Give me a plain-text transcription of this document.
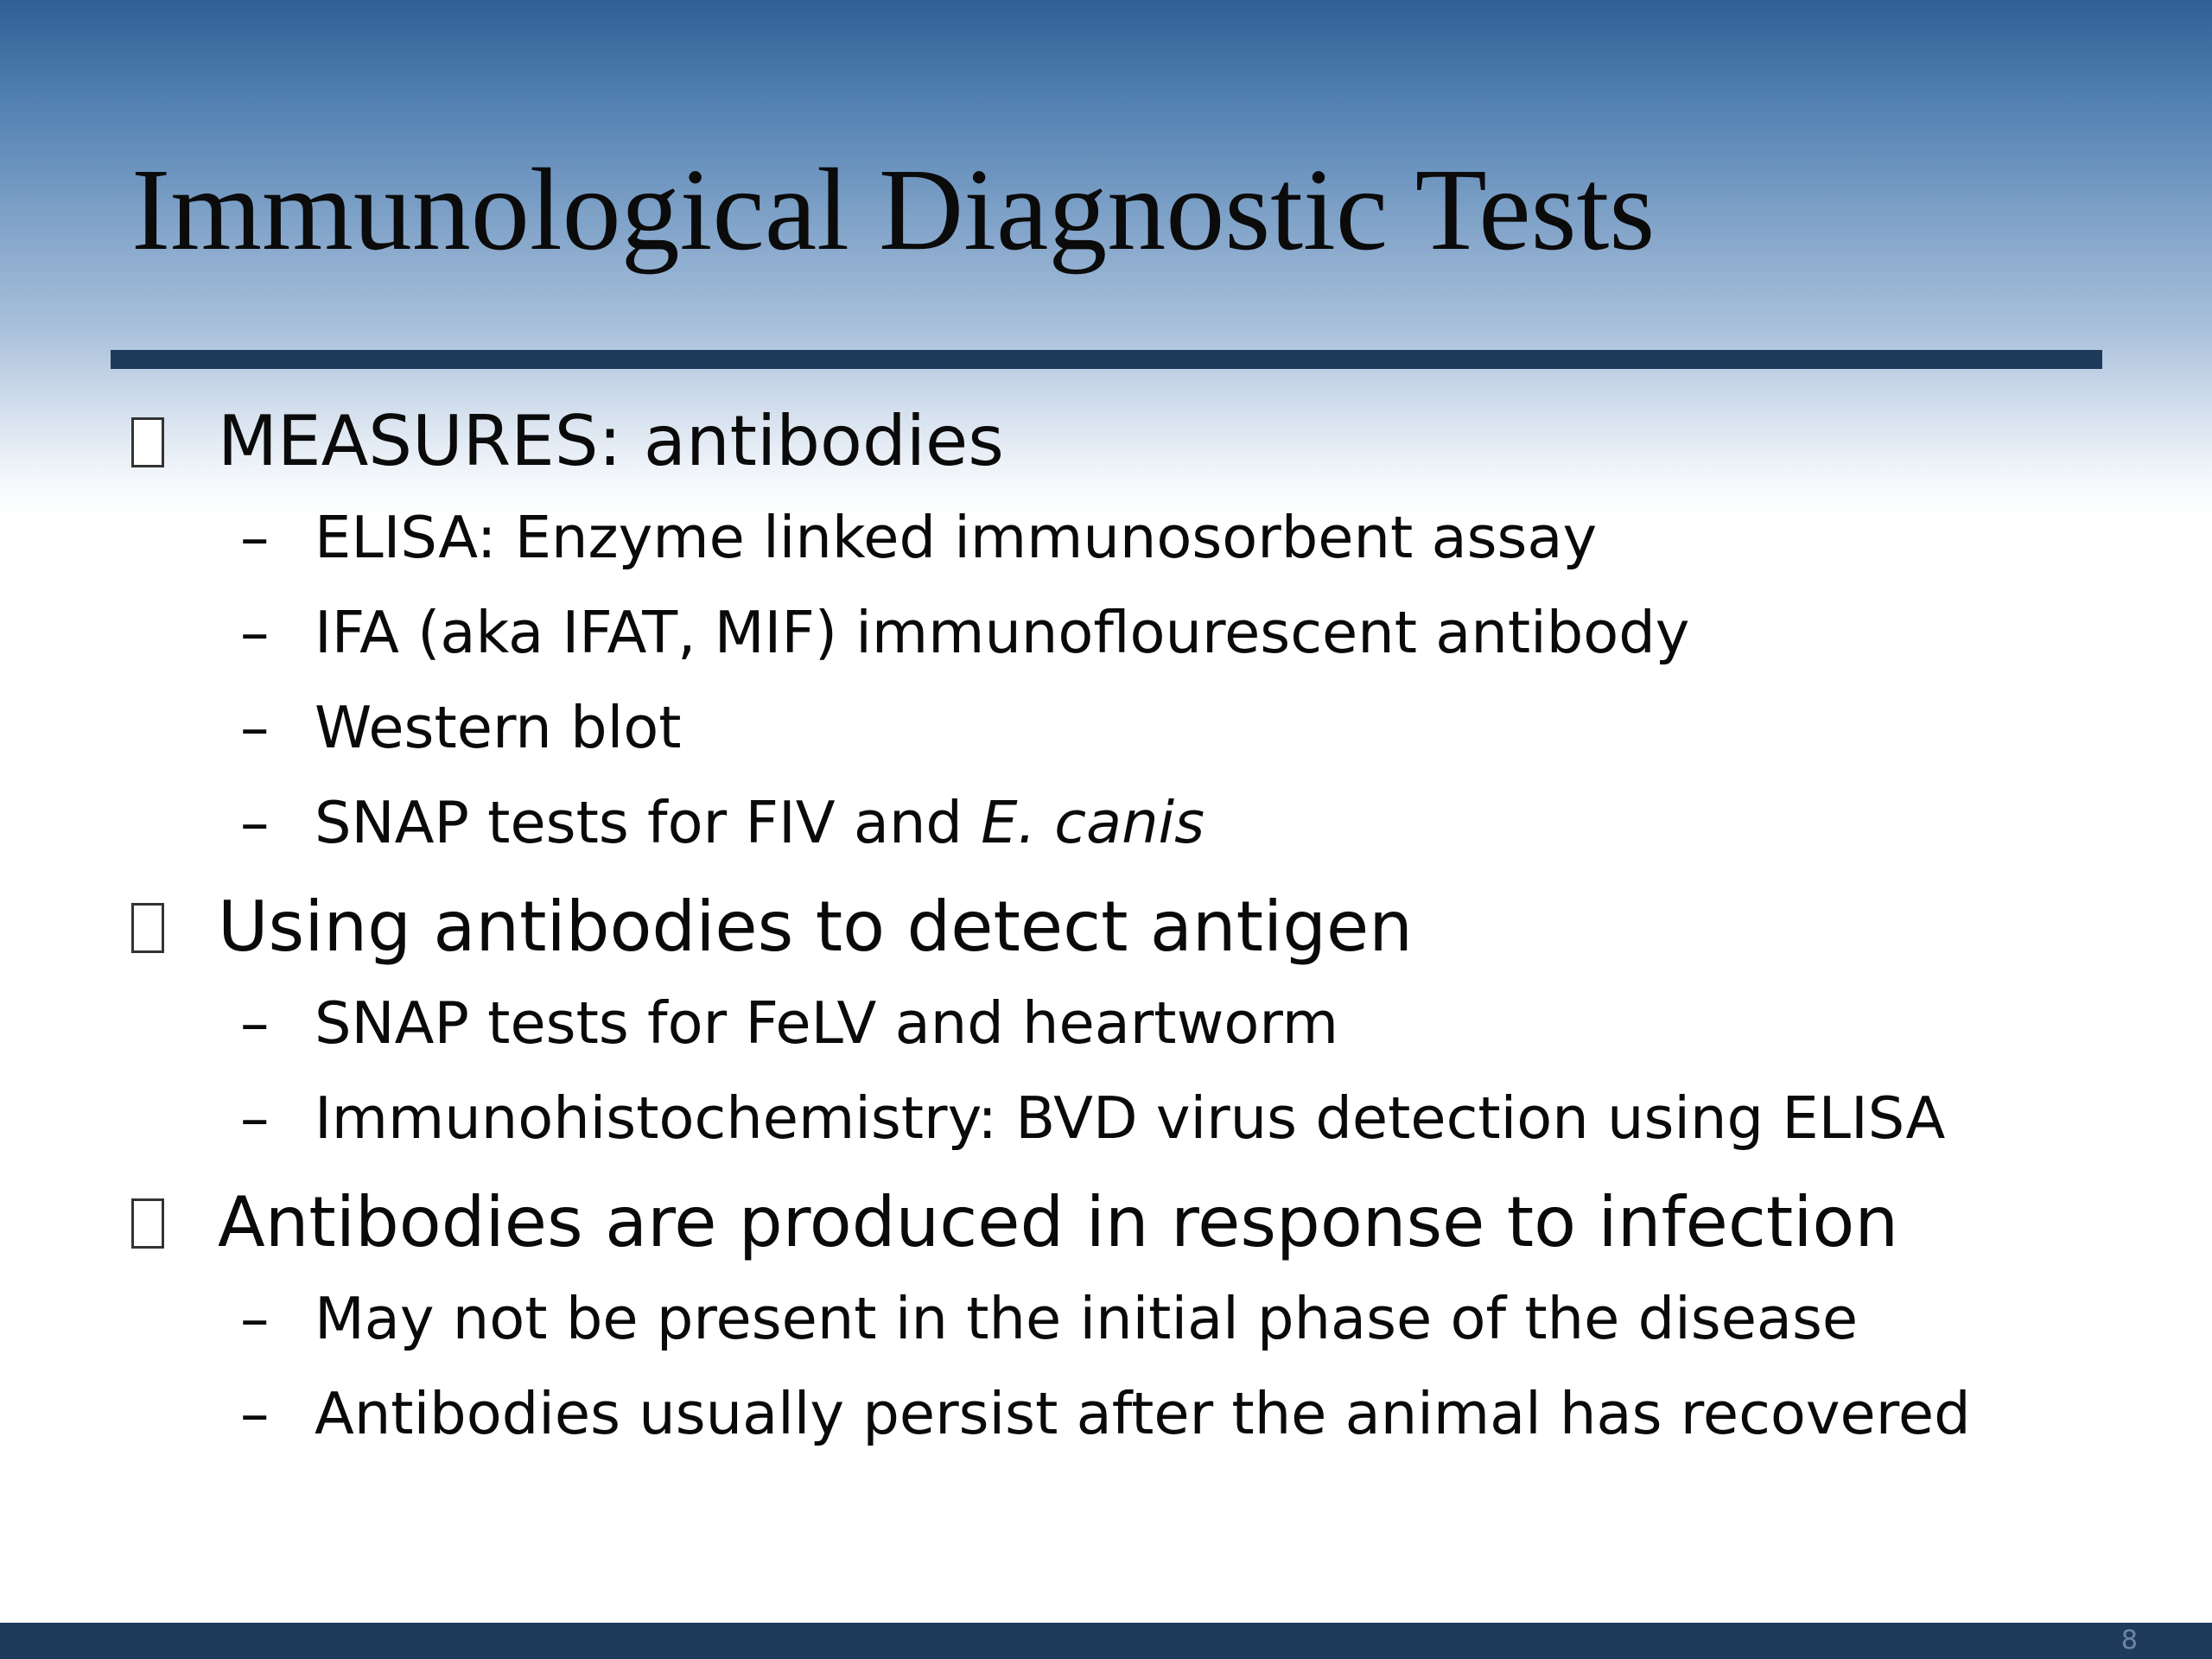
Immunological Diagnostic Tests
MEASURES: antibodies
– ELISA: Enzyme linked immunosorbent assay
– IFA (aka IFAT, MIF) immunoflourescent antibody
– Western blot
– SNAP tests for FIV and E. canis
Using antibodies to detect antigen
– SNAP tests for FeLV and heartworm
– Immunohistochemistry: BVD virus detection using ELISA
Antibodies are produced in response to infection
– May not be present in the initial phase of the disease
– Antibodies usually persist after the animal has recovered
8
